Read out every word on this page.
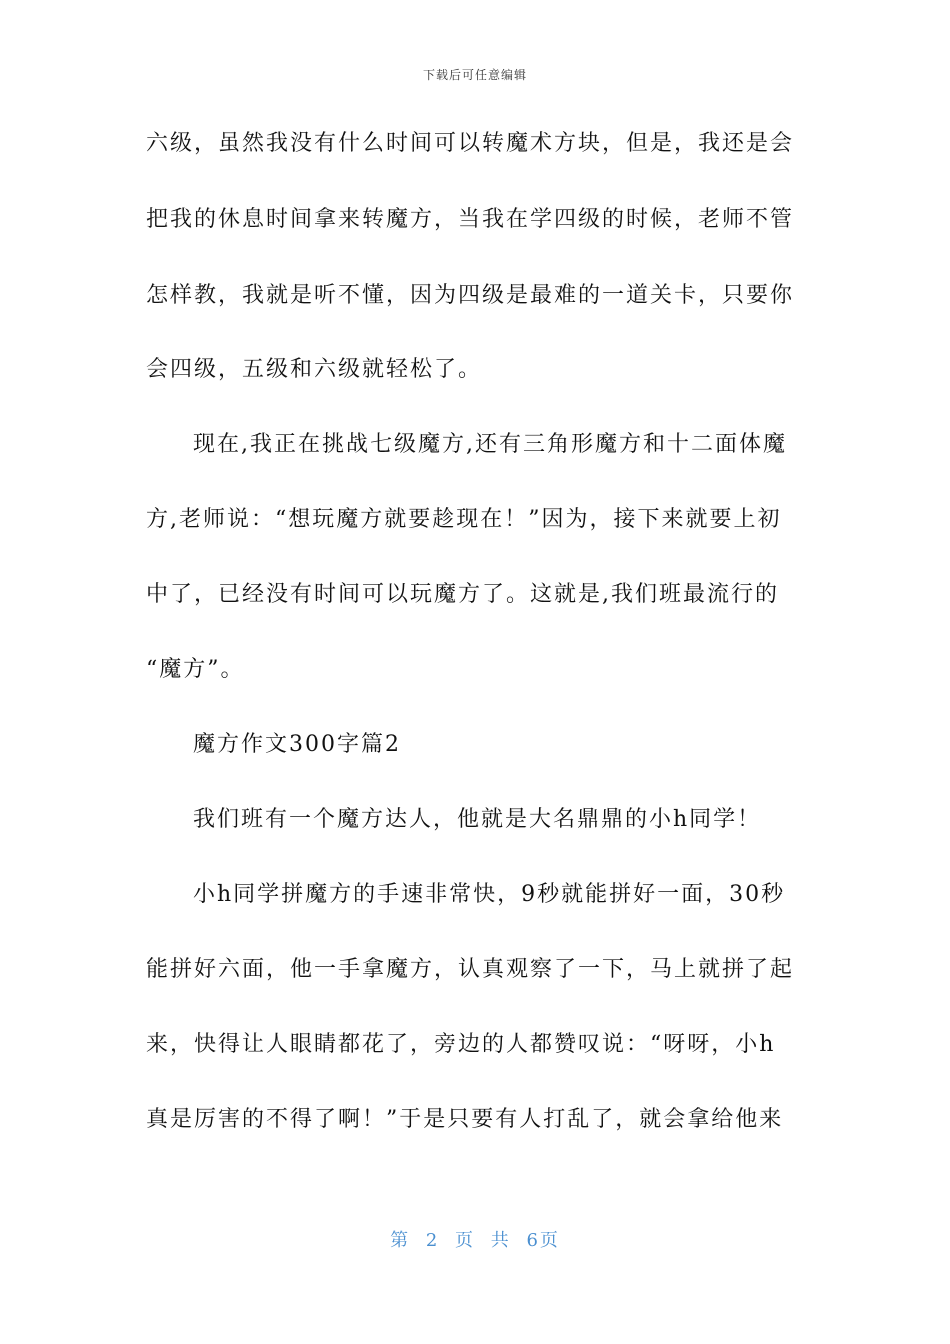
下载后可任意编辑
六级，虽然我没有什么时间可以转魔术方块，但是，我还是会
把我的休息时间拿来转魔方，当我在学四级的时候，老师不管
怎样教，我就是听不懂，因为四级是最难的一道关卡，只要你
会四级，五级和六级就轻松了。
现在,我正在挑战七级魔方,还有三角形魔方和十二面体魔
方,老师说：“想玩魔方就要趁现在！”因为，接下来就要上初
中了，已经没有时间可以玩魔方了。这就是,我们班最流行的
“魔方”。
魔方作文300字篇2
我们班有一个魔方达人，他就是大名鼎鼎的小h同学！
小h同学拼魔方的手速非常快，9秒就能拼好一面，30秒
能拼好六面，他一手拿魔方，认真观察了一下，马上就拼了起
来，快得让人眼睛都花了，旁边的人都赞叹说：“呀呀，小h
真是厉害的不得了啊！”于是只要有人打乱了，就会拿给他来
第 2 页 共 6页
